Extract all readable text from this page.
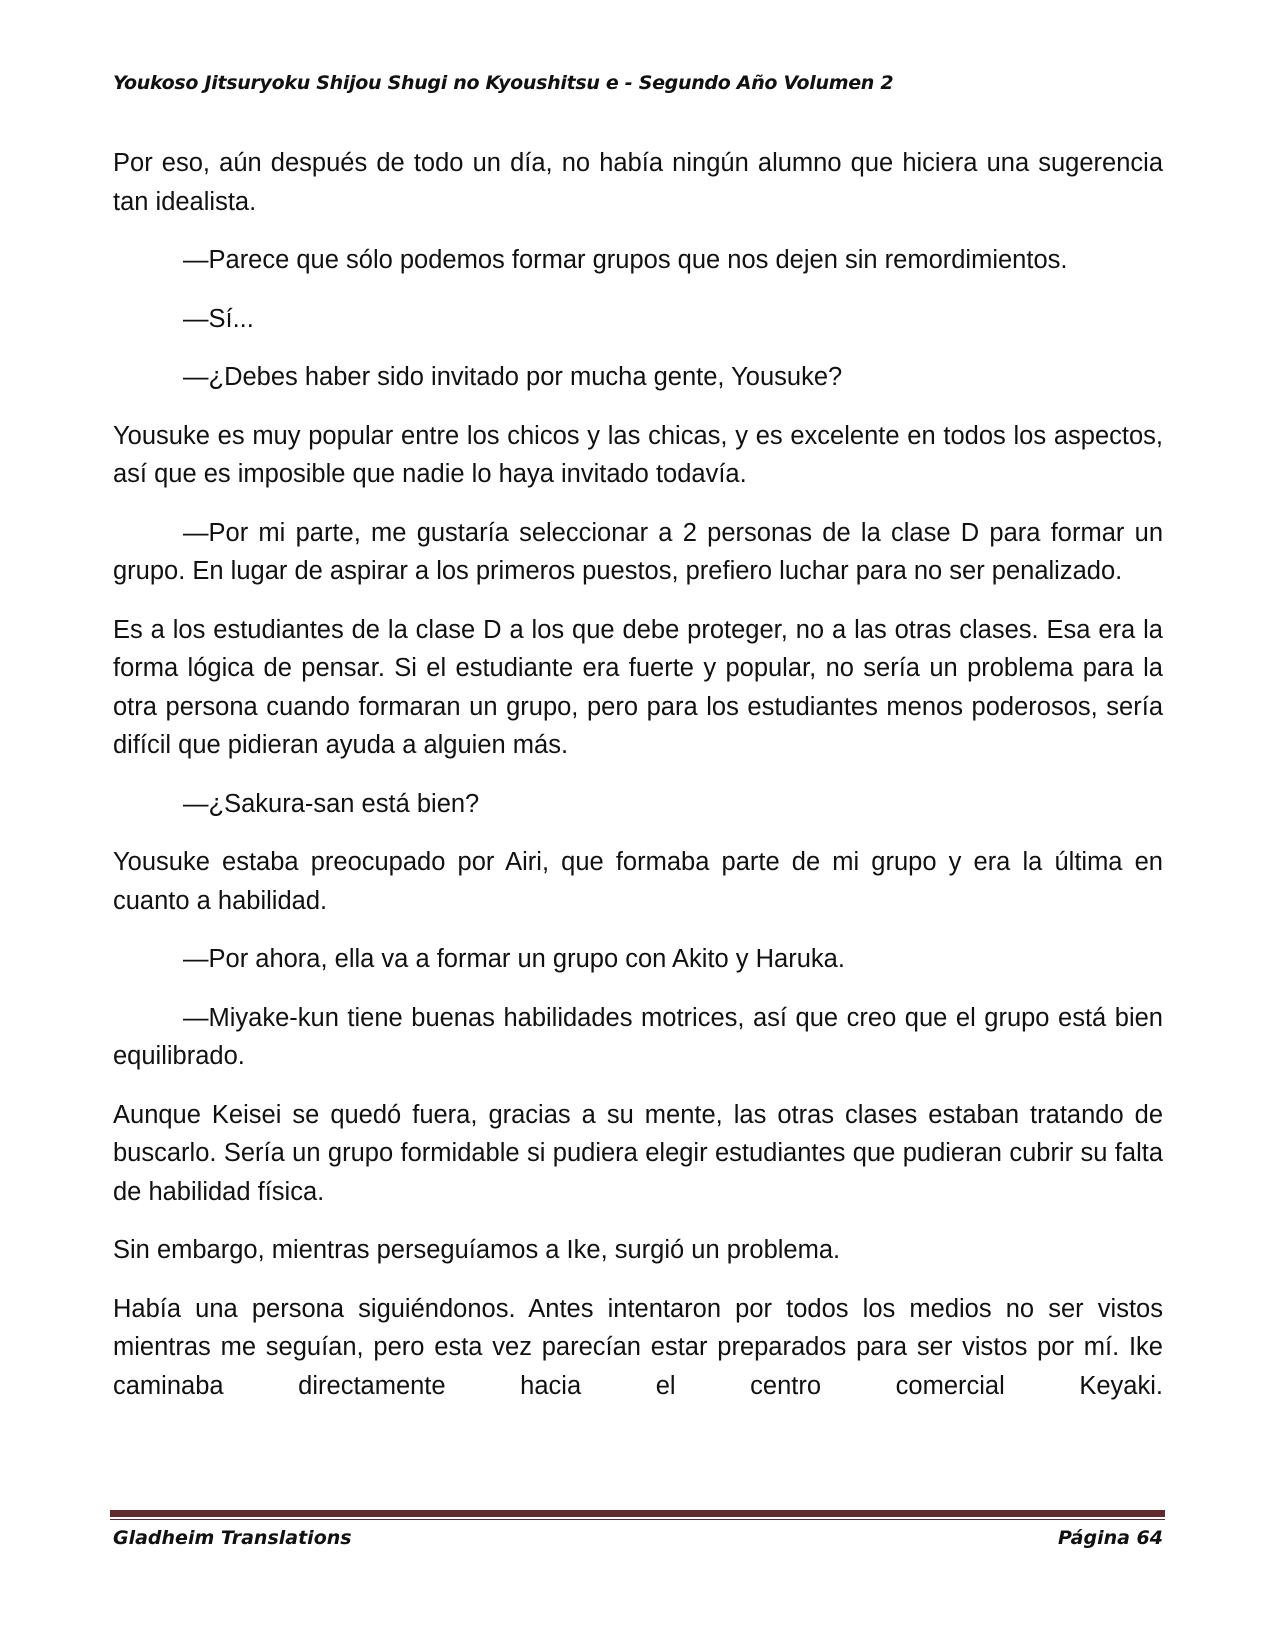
Youkoso Jitsuryoku Shijou Shugi no Kyoushitsu e - Segundo Año Volumen 2

Por eso, aún después de todo un día, no había ningún alumno que hiciera una sugerencia tan idealista.

—Parece que sólo podemos formar grupos que nos dejen sin remordimientos.

—Sí...

—¿Debes haber sido invitado por mucha gente, Yousuke?

Yousuke es muy popular entre los chicos y las chicas, y es excelente en todos los aspectos, así que es imposible que nadie lo haya invitado todavía.

—Por mi parte, me gustaría seleccionar a 2 personas de la clase D para formar un grupo. En lugar de aspirar a los primeros puestos, prefiero luchar para no ser penalizado.

Es a los estudiantes de la clase D a los que debe proteger, no a las otras clases. Esa era la forma lógica de pensar. Si el estudiante era fuerte y popular, no sería un problema para la otra persona cuando formaran un grupo, pero para los estudiantes menos poderosos, sería difícil que pidieran ayuda a alguien más.

—¿Sakura-san está bien?

Yousuke estaba preocupado por Airi, que formaba parte de mi grupo y era la última en cuanto a habilidad.

—Por ahora, ella va a formar un grupo con Akito y Haruka.

—Miyake-kun tiene buenas habilidades motrices, así que creo que el grupo está bien equilibrado.

Aunque Keisei se quedó fuera, gracias a su mente, las otras clases estaban tratando de buscarlo. Sería un grupo formidable si pudiera elegir estudiantes que pudieran cubrir su falta de habilidad física.

Sin embargo, mientras perseguíamos a Ike, surgió un problema.

Había una persona siguiéndonos. Antes intentaron por todos los medios no ser vistos mientras me seguían, pero esta vez parecían estar preparados para ser vistos por mí. Ike caminaba directamente hacia el centro comercial Keyaki.

Gladheim Translations	Página 64
